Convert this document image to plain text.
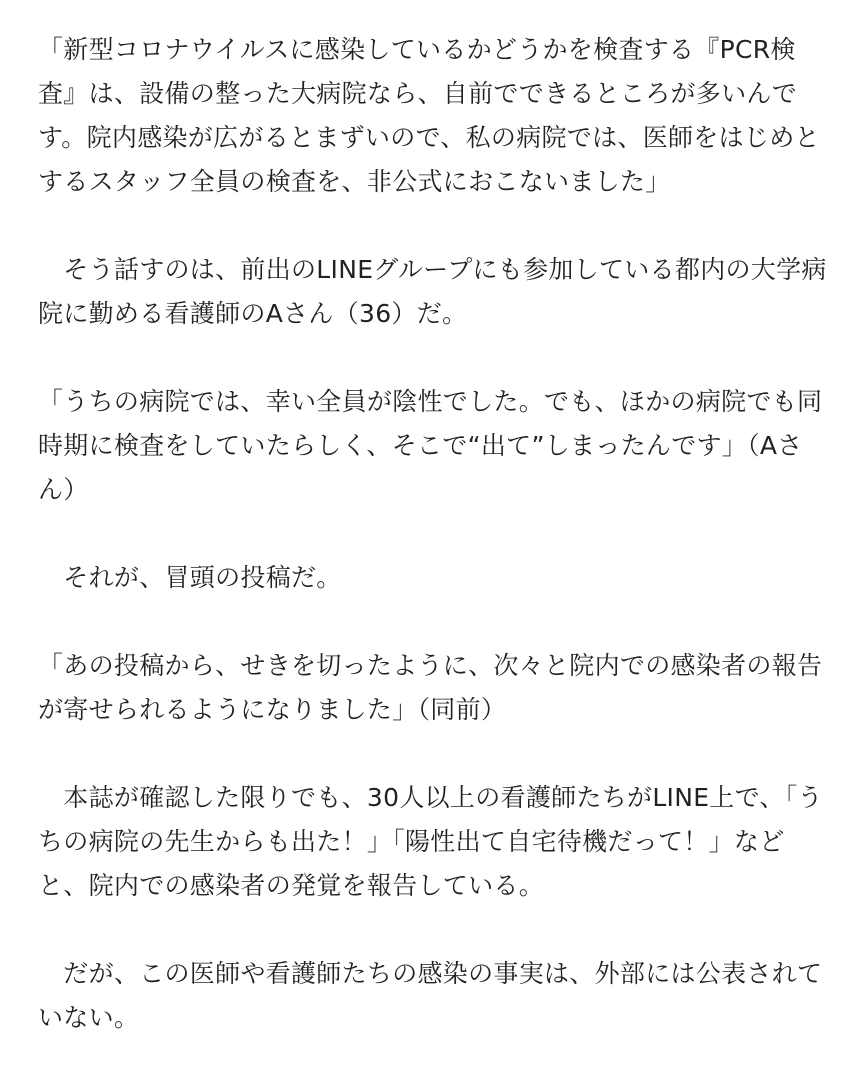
「新型コロナウイルスに感染しているかどうかを検査する『PCR検
査』は、設備の整った大病院なら、自前でできるところが多いんで
す。院内感染が広がるとまずいので、私の病院では、医師をはじめと
するスタッフ全員の検査を、非公式におこないました」

　そう話すのは、前出のLINEグループにも参加している都内の大学病
院に勤める看護師のAさん（36）だ。

「うちの病院では、幸い全員が陰性でした。でも、ほかの病院でも同
時期に検査をしていたらしく、そこで“出て”しまったんです」（Aさ
ん）

　それが、冒頭の投稿だ。

「あの投稿から、せきを切ったように、次々と院内での感染者の報告
が寄せられるようになりました」（同前）

　本誌が確認した限りでも、30人以上の看護師たちがLINE上で、「う
ちの病院の先生からも出た！」「陽性出て自宅待機だって！」など
と、院内での感染者の発覚を報告している。

　だが、この医師や看護師たちの感染の事実は、外部には公表されて
いない。
